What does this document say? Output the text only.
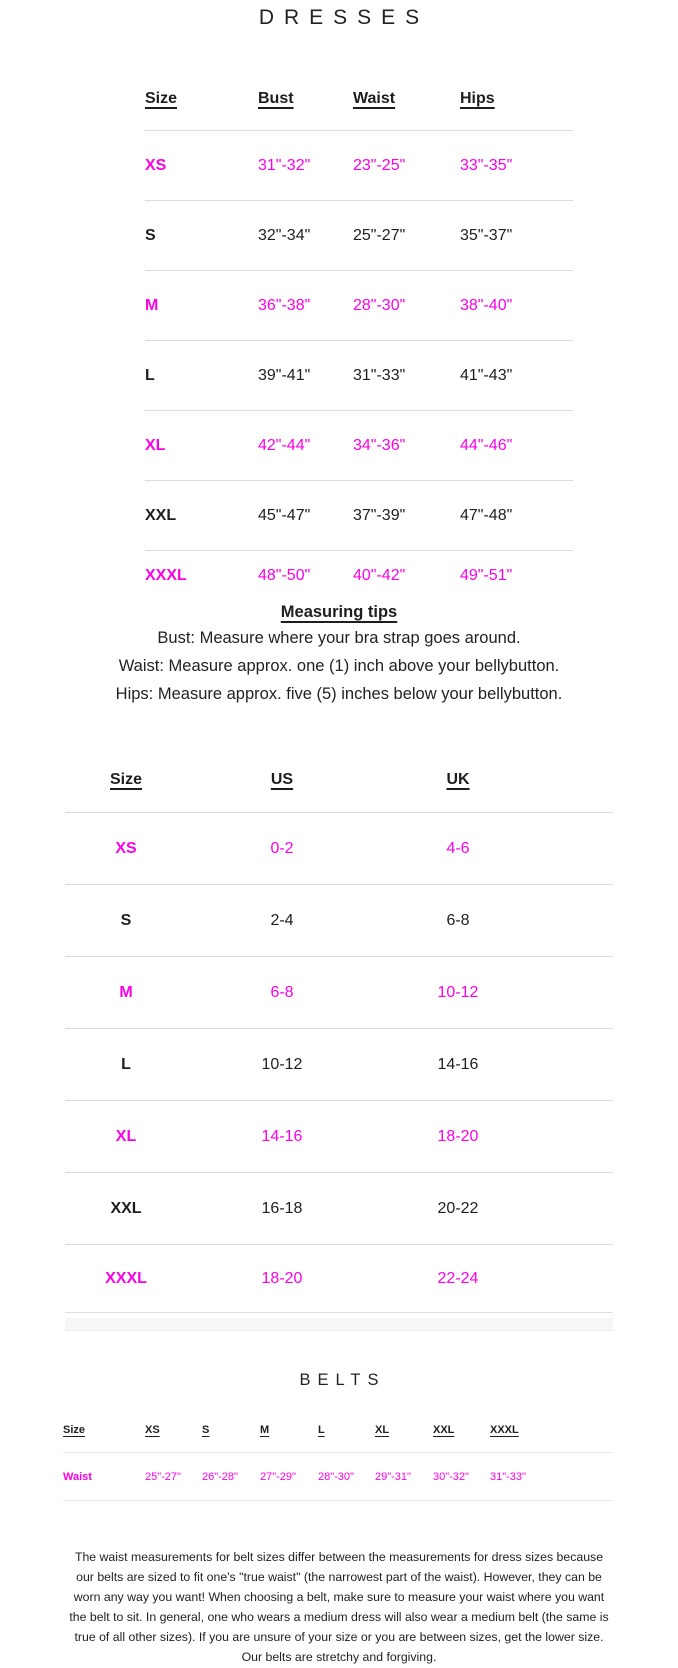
DRESSES
Size	Bust	Waist	Hips
XS	31"-32"	23"-25"	33"-35"
S	32"-34"	25"-27"	35"-37"
M	36"-38"	28"-30"	38"-40"
L	39"-41"	31"-33"	41"-43"
XL	42"-44"	34"-36"	44"-46"
XXL	45"-47"	37"-39"	47"-48"
XXXL	48"-50"	40"-42"	49"-51"
Measuring tips
Bust: Measure where your bra strap goes around.
Waist: Measure approx. one (1) inch above your bellybutton.
Hips: Measure approx. five (5) inches below your bellybutton.
Size	US	UK
XS	0-2	4-6
S	2-4	6-8
M	6-8	10-12
L	10-12	14-16
XL	14-16	18-20
XXL	16-18	20-22
XXXL	18-20	22-24
BELTS
Size	XS	S	M	L	XL	XXL	XXXL
Waist	25"-27"	26"-28"	27"-29"	28"-30"	29"-31"	30"-32"	31"-33"

The waist measurements for belt sizes differ between the measurements for dress sizes because our belts are sized to fit one's "true waist" (the narrowest part of the waist). However, they can be worn any way you want! When choosing a belt, make sure to measure your waist where you want the belt to sit. In general, one who wears a medium dress will also wear a medium belt (the same is true of all other sizes). If you are unsure of your size or you are between sizes, get the lower size. Our belts are stretchy and forgiving.
